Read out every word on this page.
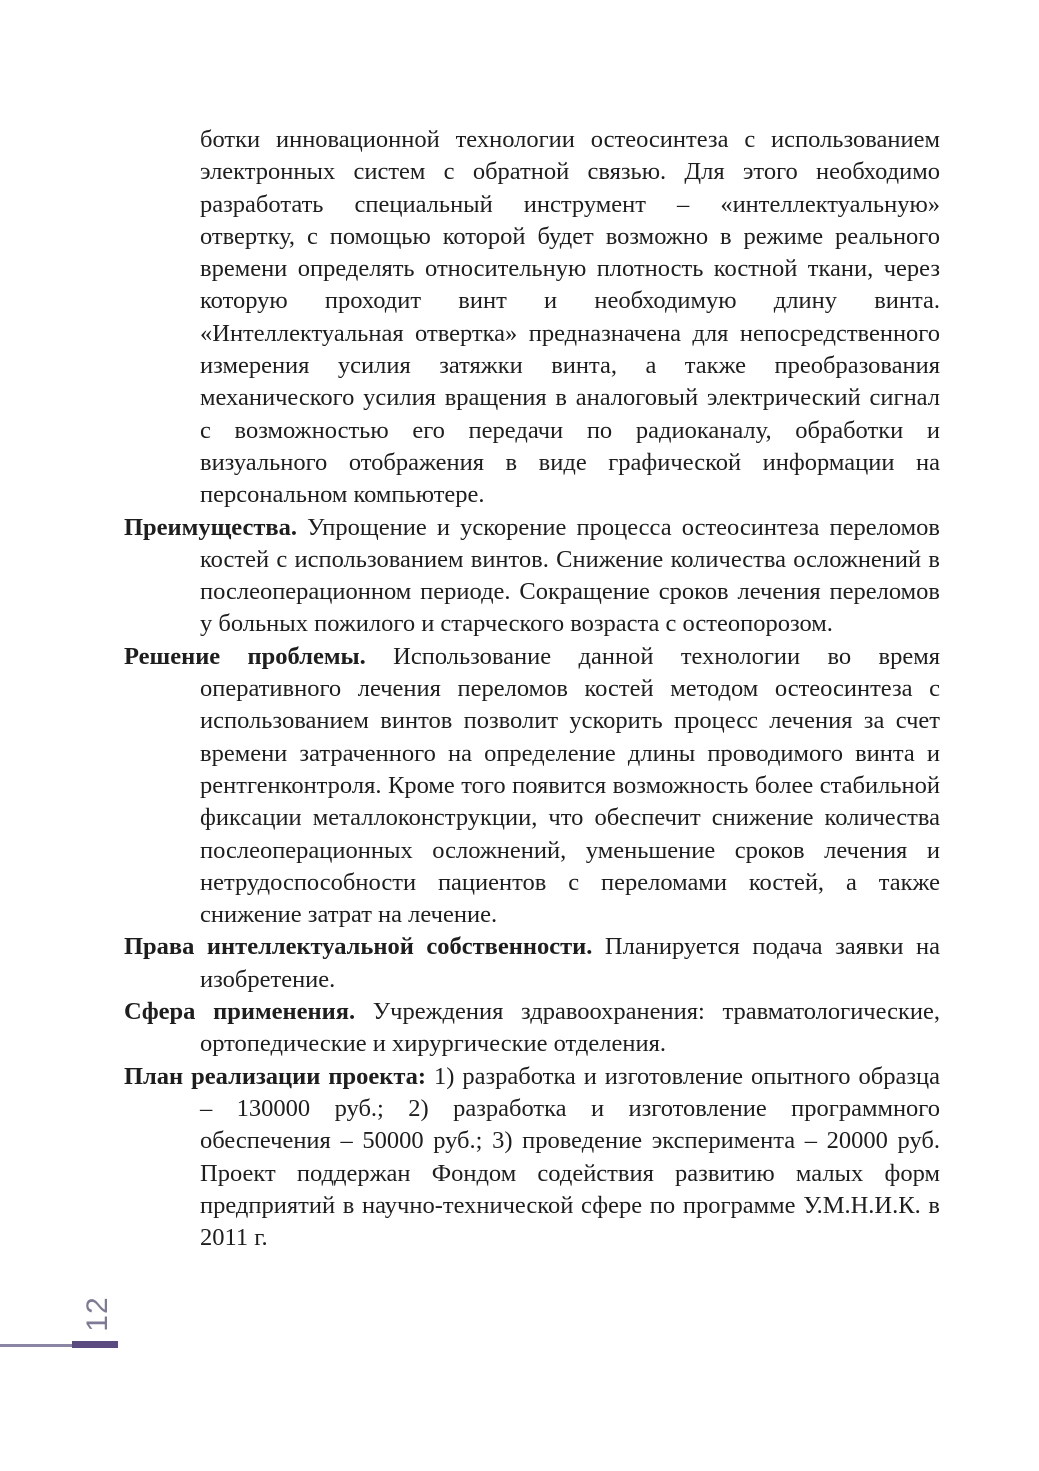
ботки инновационной технологии остеосинтеза с использованием электронных систем с обратной связью. Для этого необходимо разработать специальный инструмент – «интеллектуальную» отвертку, с помощью которой будет возможно в режиме реального времени определять относительную плотность костной ткани, через которую проходит винт и необходимую длину винта. «Интеллектуальная отвертка» предназначена для непосредственного измерения усилия затяжки винта, а также преобразования механического усилия вращения в аналоговый электрический сигнал с возможностью его передачи по радиоканалу, обработки и визуального отображения в виде графической информации на персональном компьютере.

Преимущества. Упрощение и ускорение процесса остеосинтеза переломов костей с использованием винтов. Снижение количества осложнений в послеоперационном периоде. Сокращение сроков лечения переломов у больных пожилого и старческого возраста с остеопорозом.

Решение проблемы. Использование данной технологии во время оперативного лечения переломов костей методом остеосинтеза с использованием винтов позволит ускорить процесс лечения за счет времени затраченного на определение длины проводимого винта и рентгенконтроля. Кроме того появится возможность более стабильной фиксации металлоконструкции, что обеспечит снижение количества послеоперационных осложнений, уменьшение сроков лечения и нетрудоспособности пациентов с переломами костей, а также снижение затрат на лечение.

Права интеллектуальной собственности. Планируется подача заявки на изобретение.

Сфера применения. Учреждения здравоохранения: травматологические, ортопедические и хирургические отделения.

План реализации проекта: 1) разработка и изготовление опытного образца – 130000 руб.; 2) разработка и изготовление программного обеспечения – 50000 руб.; 3) проведение эксперимента – 20000 руб. Проект поддержан Фондом содействия развитию малых форм предприятий в научно-технической сфере по программе У.М.Н.И.К. в 2011 г.

12
